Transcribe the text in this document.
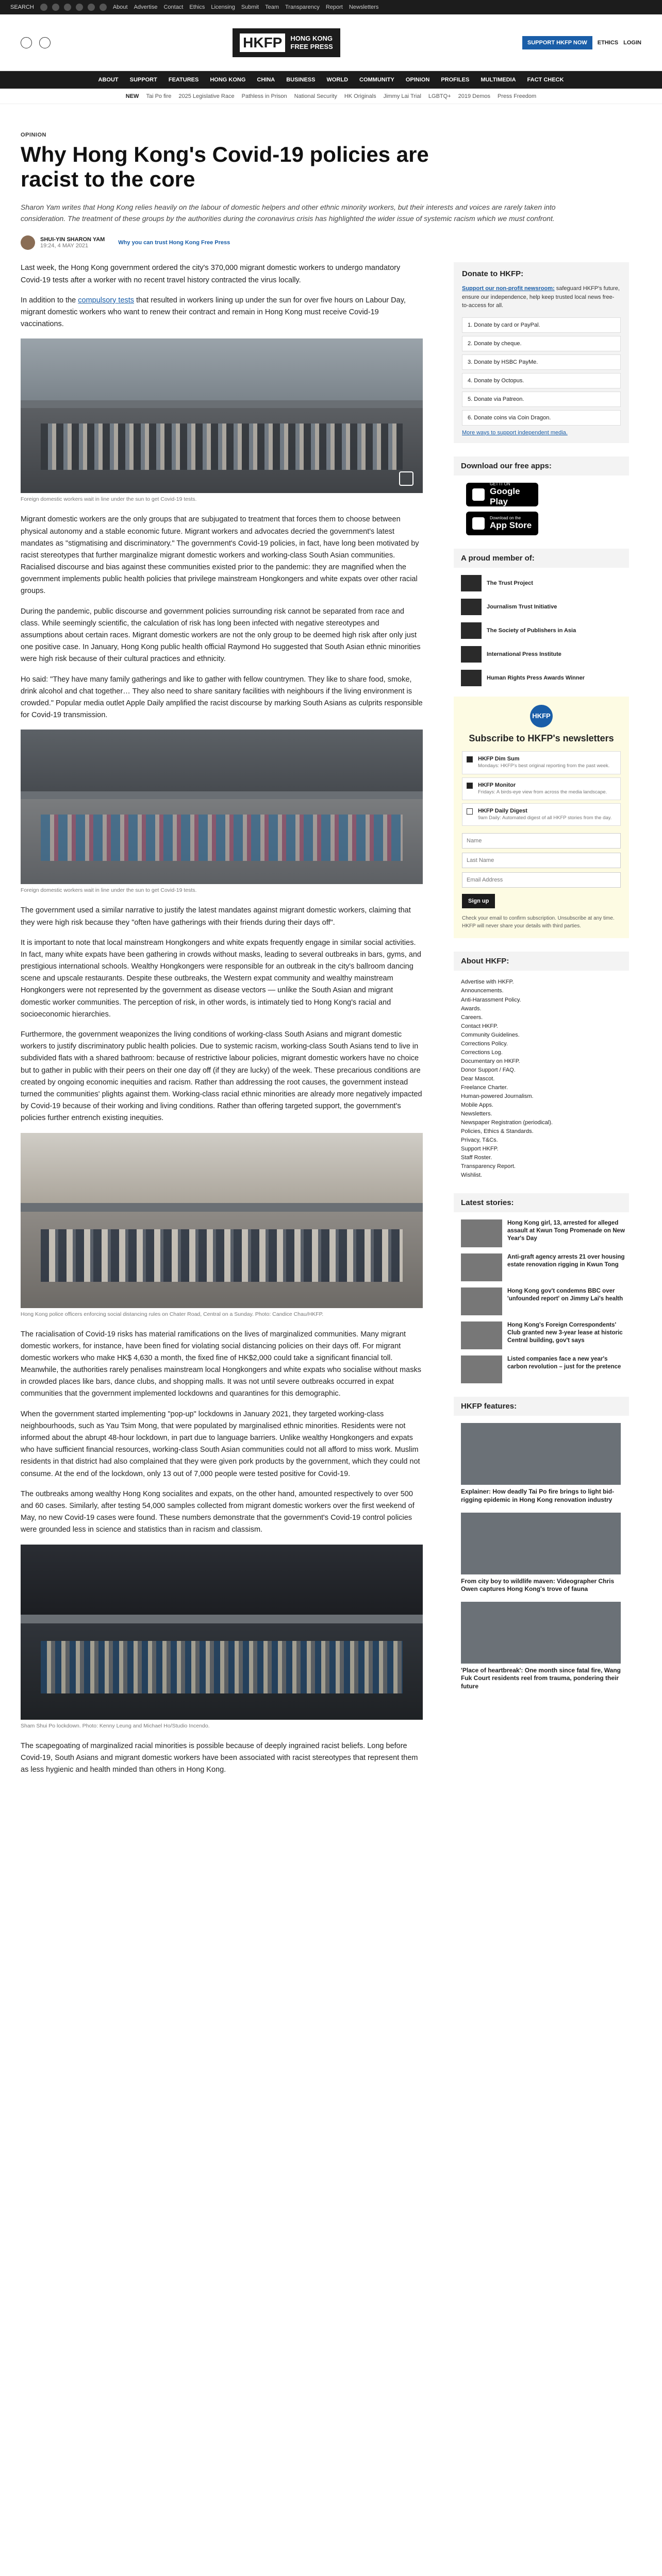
SEARCH	About Advertise Contact Ethics Licensing Submit Team Transparency Report Newsletters
HKFP	HONG KONG
FREE PRESS	SUPPORT HKFP NOW	ETHICS LOGIN
ABOUT SUPPORT FEATURES HONG KONG CHINA BUSINESS WORLD COMMUNITY OPINION PROFILES MULTIMEDIA FACT CHECK
NEW Tai Po fire 2025 Legislative Race Pathless in Prison National Security HK Originals Jimmy Lai Trial LGBTQ+ 2019 Demos Press Freedom
OPINION
Why Hong Kong's Covid-19 policies are racist to the core
Sharon Yam writes that Hong Kong relies heavily on the labour of domestic helpers and other ethnic minority workers, but their interests and voices are rarely taken into consideration. The treatment of these groups by the authorities during the coronavirus crisis has highlighted the wider issue of systemic racism which we must confront.
SHUI-YIN SHARON YAM
19:24, 4 MAY 2021	Why you can trust Hong Kong Free Press

Last week, the Hong Kong government ordered the city's 370,000 migrant domestic workers to undergo mandatory Covid-19 tests after a worker with no recent travel history contracted the virus locally.

In addition to the compulsory tests that resulted in workers lining up under the sun for over five hours on Labour Day, migrant domestic workers who want to renew their contract and remain in Hong Kong must receive Covid-19 vaccinations.

Foreign domestic workers wait in line under the sun to get Covid-19 tests.

Migrant domestic workers are the only groups that are subjugated to treatment that forces them to choose between physical autonomy and a stable economic future. Migrant workers and advocates decried the government's latest mandates as "stigmatising and discriminatory." The government's Covid-19 policies, in fact, have long been motivated by racist stereotypes that further marginalize migrant domestic workers and working-class South Asian communities. Racialised discourse and bias against these communities existed prior to the pandemic: they are magnified when the government implements public health policies that privilege mainstream Hongkongers and white expats over other racial groups.

During the pandemic, public discourse and government policies surrounding risk cannot be separated from race and class. While seemingly scientific, the calculation of risk has long been infected with negative stereotypes and assumptions about certain races. Migrant domestic workers are not the only group to be deemed high risk after only just one positive case. In January, Hong Kong public health official Raymond Ho suggested that South Asian ethnic minorities were high risk because of their cultural practices and ethnicity.

Ho said: "They have many family gatherings and like to gather with fellow countrymen. They like to share food, smoke, drink alcohol and chat together… They also need to share sanitary facilities with neighbours if the living environment is crowded." Popular media outlet Apple Daily amplified the racist discourse by marking South Asians as culprits responsible for Covid-19 transmission.

Foreign domestic workers wait in line under the sun to get Covid-19 tests.

The government used a similar narrative to justify the latest mandates against migrant domestic workers, claiming that they were high risk because they "often have gatherings with their friends during their days off".

It is important to note that local mainstream Hongkongers and white expats frequently engage in similar social activities. In fact, many white expats have been gathering in crowds without masks, leading to several outbreaks in bars, gyms, and prestigious international schools. Wealthy Hongkongers were responsible for an outbreak in the city's ballroom dancing scene and upscale restaurants. Despite these outbreaks, the Western expat community and wealthy mainstream Hongkongers were not represented by the government as disease vectors — unlike the South Asian and migrant domestic worker communities. The perception of risk, in other words, is intimately tied to Hong Kong's racial and socioeconomic hierarchies.

Furthermore, the government weaponizes the living conditions of working-class South Asians and migrant domestic workers to justify discriminatory public health policies. Due to systemic racism, working-class South Asians tend to live in subdivided flats with a shared bathroom: because of restrictive labour policies, migrant domestic workers have no choice but to gather in public with their peers on their one day off (if they are lucky) of the week. These precarious conditions are created by ongoing economic inequities and racism. Rather than addressing the root causes, the government instead turned the communities' plights against them. Working-class racial ethnic minorities are already more negatively impacted by Covid-19 because of their working and living conditions. Rather than offering targeted support, the government's policies further entrench existing inequities.

Hong Kong police officers enforcing social distancing rules on Chater Road, Central on a Sunday. Photo: Candice Chau/HKFP.

The racialisation of Covid-19 risks has material ramifications on the lives of marginalized communities. Many migrant domestic workers, for instance, have been fined for violating social distancing policies on their days off. For migrant domestic workers who make HK$ 4,630 a month, the fixed fine of HK$2,000 could take a significant financial toll. Meanwhile, the authorities rarely penalises mainstream local Hongkongers and white expats who socialise without masks in crowded places like bars, dance clubs, and shopping malls. It was not until severe outbreaks occurred in expat communities that the government implemented lockdowns and quarantines for this demographic.

When the government started implementing "pop-up" lockdowns in January 2021, they targeted working-class neighbourhoods, such as Yau Tsim Mong, that were populated by marginalised ethnic minorities. Residents were not informed about the abrupt 48-hour lockdown, in part due to language barriers. Unlike wealthy Hongkongers and expats who have sufficient financial resources, working-class South Asian communities could not all afford to miss work. Muslim residents in that district had also complained that they were given pork products by the government, which they could not consume. At the end of the lockdown, only 13 out of 7,000 people were tested positive for Covid-19.

The outbreaks among wealthy Hong Kong socialites and expats, on the other hand, amounted respectively to over 500 and 60 cases. Similarly, after testing 54,000 samples collected from migrant domestic workers over the first weekend of May, no new Covid-19 cases were found. These numbers demonstrate that the government's Covid-19 control policies were grounded less in science and statistics than in racism and classism.

Sham Shui Po lockdown. Photo: Kenny Leung and Michael Ho/Studio Incendo.

The scapegoating of marginalized racial minorities is possible because of deeply ingrained racist beliefs. Long before Covid-19, South Asians and migrant domestic workers have been associated with racist stereotypes that represent them as less hygienic and health minded than others in Hong Kong.

Donate to HKFP:
Support our non-profit newsroom: safeguard HKFP's future, ensure our independence, help keep trusted local news free-to-access for all.
1. Donate by card or PayPal.
2. Donate by cheque.
3. Donate by HSBC PayMe.
4. Donate by Octopus.
5. Donate via Patreon.
6. Donate coins via Coin Dragon.
More ways to support independent media.
Download our free apps:
GET IT ON
Google Play
Download on the
App Store
A proud member of:
The Trust Project
Journalism Trust Initiative
The Society of Publishers in Asia
International Press Institute
Human Rights Press Awards Winner
HKFP
Subscribe to HKFP's newsletters
HKFP Dim Sum
Mondays: HKFP's best original reporting from the past week.
HKFP Monitor
Fridays: A birds-eye view from across the media landscape.
HKFP Daily Digest
9am Daily: Automated digest of all HKFP stories from the day.
Name Last Name Email Address Sign up
Check your email to confirm subscription. Unsubscribe at any time. HKFP will never share your details with third parties.
About HKFP:
Advertise with HKFP.
Announcements.
Anti-Harassment Policy.
Awards.
Careers.
Contact HKFP.
Community Guidelines.
Corrections Policy.
Corrections Log.
Documentary on HKFP.
Donor Support / FAQ.
Dear Mascot.
Freelance Charter.
Human-powered Journalism.
Mobile Apps.
Newsletters.
Newspaper Registration (periodical).
Policies, Ethics & Standards.
Privacy, T&Cs.
Support HKFP.
Staff Roster.
Transparency Report.
Wishlist.
Latest stories:
Hong Kong girl, 13, arrested for alleged assault at Kwun Tong Promenade on New Year's Day
Anti-graft agency arrests 21 over housing estate renovation rigging in Kwun Tong
Hong Kong gov't condemns BBC over 'unfounded report' on Jimmy Lai's health
Hong Kong's Foreign Correspondents' Club granted new 3-year lease at historic Central building, gov't says
Listed companies face a new year's carbon revolution – just for the pretence
HKFP features:
Explainer: How deadly Tai Po fire brings to light bid-rigging epidemic in Hong Kong renovation industry
From city boy to wildlife maven: Videographer Chris Owen captures Hong Kong's trove of fauna
'Place of heartbreak': One month since fatal fire, Wang Fuk Court residents reel from trauma, pondering their future
